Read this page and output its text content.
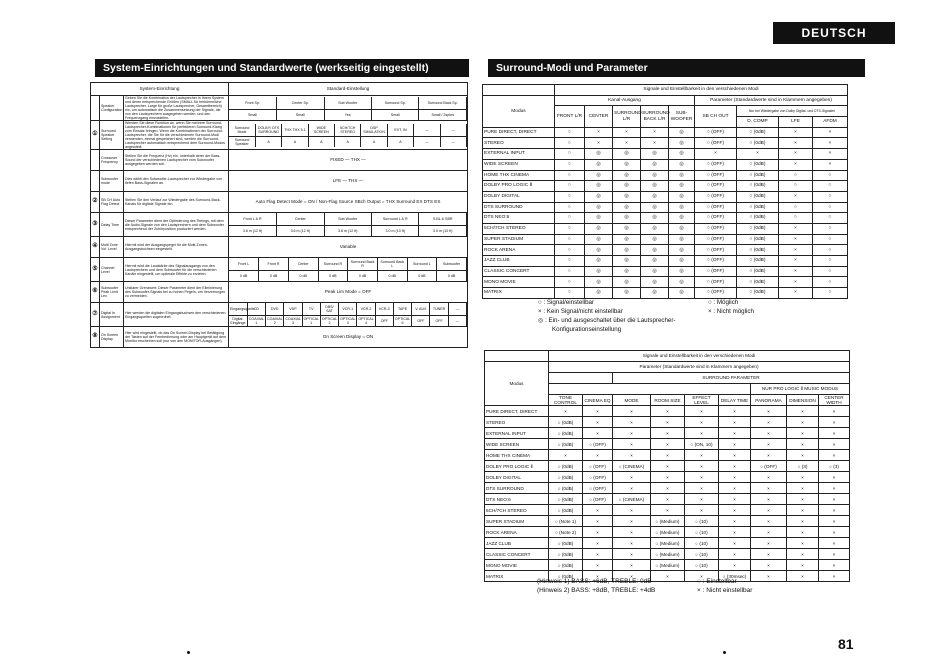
DEUTSCH
System-Einrichtungen und Standardwerte (werkseitig eingestellt)	Surround-Modi und Parameter
System-Einrichtung	Standard-Einstellung
	Speaker Configuration	Geben Sie die Kombination der Lautsprecher in Ihrem System und deren entsprechende Größen (SMALL für herkömmliche Lautsprecher, Large für große Lautsprecher, Gesamtbereich) ein, um automatisch die Zusammensetzung der Signale, die von den Lautsprechern ausgegeben werden, und den Frequenzgang einzustellen.	
Front Sp.	Center Sp.	Sub Woofer	Surround Sp.	Surround Back Sp.
Small	Small	Yes	Small	Small / 2spkrs

①	Surround Speaker Setting	Wenden Sie diese Funktion an, wenn Sie mehrere Surround-Lautsprecher-Kombinationen für perfekteren Surround-Klang zum Einsatz bringen. Wenn die Kombinationen der Surround-Lautsprecher, die Sie für die verschiedenen Surround-Modi verwenden, einmal gespeichert sind, werden die Surround-Lautsprecher automatisch entsprechend dem Surround-Modus angewählt.	
Surround Mode	DOLBY/ DTS SURROUND	THX THX 5.1	WIDE SCREEN	5CH/7CH STEREO	DSP SIMULATION	EXT. IN	—	—
Surround Speaker	A	A	A	A	A	A	—	—

	Crossover Frequency	Stellen Sie die Frequenz (Hz) ein, unterhalb derer der Bass-Sound der verschiedenen Lautsprecher vom Subwoofer ausgegeben werden soll.	FIXED — THX —
	Subwoofer mode	Dies wählt den Subwoofer-Lautsprecher zur Wiedergabe von tiefen Bass-Signalen an.	LFE — THX —
②	SB CH Auto Flag Detect	Stellen Sie den Verlauf zur Wiedergabe des Surround-Back-Kanals für digitale Signale ein.	Auto Flag Detect Mode = ON / Non-Flag Source SBch Output = THX Surround EX DTS ES
③	Delay Time	Dieser Parameter dient der Optimierung des Timings, mit dem die Audio-Signale von den Lautsprechern und dem Subwoofer entsprechend der Zuhörposition produziert werden.	
Front L & R	Center	Sub Woofer	Surround L & R	S.BL & SBR
3.6 m (12 ft)	3.6 m (12 ft)	3.6 m (12 ft)	3.0 m (10 ft)	3.0 m (10 ft)

④	Multi Zone Vol. Level	Hiermit wird der Ausgangspegel für die Multi-Zonen-Ausgangsbuchsen eingestellt.	Variable
⑤	Channel Level	Hiermit wird die Lautstärke des Signalausgangs von den Lautsprechern und dem Subwoofer für die verschiedenen Kanäle eingestellt, um optimale Effekte zu erzielen.	
Front L	Front R	Center	Surround R	Surround Back R	Surround Back L	Surround L	Subwoofer
0 dB	0 dB	0 dB	0 dB	0 dB	0 dB	0 dB	0 dB

⑥	Subwoofer Peak Limit Lev.	Unklarer Grenzwert: Dieser Parameter dient der Eliminierung des Subwoofer-Signals bei zu hohen Pegeln, um Verzerrungen zu vermeiden.	Peak Lim Mode = OFF
⑦	Digital In Assignment	Hier werden die digitalen Eingangsbuchsen den verschiedenen Eingangsquellen zugeordnet.	
Eingangsquelle	CD	DVD	VDP	TV	DBS/ SAT	VCR-1	VCR-2	VCR-3	TAPE	V. AUX	TUNER	—
Digital-Eingänge	COAXIAL 1	COAXIAL 2	COAXIAL 3	OPTICAL 1	OPTICAL 2	OPTICAL 3	OPTICAL 4	OFF	OPTICAL 5	OFF	OFF	—

⑧	On Screen Display	Hier wird eingestellt, ob das On Screen-Display bei Betätigung der Tasten auf der Fernbedienung oder am Hauptgerät auf dem Monitor erscheinen soll (nur von den MONITOR-Ausgängen).	On Screen Display = ON
	Signale und Einstellbarkeit in den verschiedenen Modi								
Modus	Kanal-Ausgang					Parameter (Standardwerte sind in Klammern angegeben)			
	FRONT L/R	CENTER	SURROUND L/R	SURROUND BACK L/R	SUB-WOOFER	SB CH OUT			
							Nur bei Wiedergabe von Dolby Digital- und DTS-Signalen		
							D. COMP	LFE	AFDM
PURE DIRECT, DIRECT	○	×	×	×	◎	○ (OFF)	○ (0dB)	×	×
STEREO	○	×	×	×	◎	○ (OFF)	○ (0dB)	×	×
EXTERNAL INPUT	○	◎	◎	◎	◎	×	×	×	×
WIDE SCREEN	○	◎	◎	◎	◎	○ (OFF)	○ (0dB)	×	×
HOME THX CINEMA	○	◎	◎	◎	◎	○ (OFF)	○ (0dB)	○	○
DOLBY PRO LOGIC Ⅱ	○	◎	◎	◎	◎	○ (OFF)	○ (0dB)	○	○
DOLBY DIGITAL	○	◎	◎	◎	◎	○ (OFF)	○ (0dB)	×	○
DTS SURROUND	○	◎	◎	◎	◎	○ (OFF)	○ (0dB)	○	○
DTS NEO:6	○	◎	◎	◎	◎	○ (OFF)	○ (0dB)	○	○
5CH/7CH STEREO	○	◎	◎	◎	◎	○ (OFF)	○ (0dB)	×	○
SUPER STADIUM	○	◎	◎	◎	◎	○ (OFF)	○ (0dB)	×	○
ROCK ARENA	○	◎	◎	◎	◎	○ (OFF)	○ (0dB)	×	○
JAZZ CLUB	○	◎	◎	◎	◎	○ (OFF)	○ (0dB)	×	○
CLASSIC CONCERT	○	◎	◎	◎	◎	○ (OFF)	○ (0dB)	×	○
MONO MOVIE	○	◎	◎	◎	◎	○ (OFF)	○ (0dB)	×	○
MATRIX	○	◎	◎	◎	◎	○ (OFF)	○ (0dB)	×	○
○ : Signal/einstellbar
× : Kein Signal/nicht einstellbar
◎ : Ein- und ausgeschaltet über die Lautsprecher-
Konfigurationseinstellung
○ : Möglich
× : Nicht möglich
	Signale und Einstellbarkeit in den verschiedenen Modi								
Modus	Parameter (Standardwerte sind in Klammern angegeben)								
			SURROUND PARAMETER						
							NUR PRO LOGIC Ⅱ MUSIC MODUS		
	TONE CONTROL	CINEMA EQ	MODE	ROOM SIZE	EFFECT LEVEL	DELAY TIME	PANORAMA	DIMENSION	CENTER WIDTH
PURE DIRECT, DIRECT	×	×	×	×	×	×	×	×	×
STEREO	○ (0dB)	×	×	×	×	×	×	×	×
EXTERNAL INPUT	○ (0dB)	×	×	×	×	×	×	×	×
WIDE SCREEN	○ (0dB)	○ (OFF)	×	×	○ (ON, 10)	×	×	×	×
HOME THX CINEMA	×	×	×	×	×	×	×	×	×
DOLBY PRO LOGIC Ⅱ	○ (0dB)	○ (OFF)	○ (CINEMA)	×	×	×	○ (OFF)	○ (3)	○ (3)
DOLBY DIGITAL	○ (0dB)	○ (OFF)	×	×	×	×	×	×	×
DTS SURROUND	○ (0dB)	○ (OFF)	×	×	×	×	×	×	×
DTS NEO:6	○ (0dB)	○ (OFF)	○ (CINEMA)	×	×	×	×	×	×
5CH/7CH STEREO	○ (0dB)	×	×	×	×	×	×	×	×
SUPER STADIUM	○ (Note 1)	×	×	○ (Medium)	○ (10)	×	×	×	×
ROCK ARENA	○ (Note 2)	×	×	○ (Medium)	○ (10)	×	×	×	×
JAZZ CLUB	○ (0dB)	×	×	○ (Medium)	○ (10)	×	×	×	×
CLASSIC CONCERT	○ (0dB)	×	×	○ (Medium)	○ (10)	×	×	×	×
MONO MOVIE	○ (0dB)	×	×	○ (Medium)	○ (10)	×	×	×	×
MATRIX	○ (0dB)	×	×	×	×	○ (30msec)	×	×	×
(Hinweis 1) BASS: +6dB, TREBLE: 0dB
(Hinweis 2) BASS: +8dB, TREBLE: +4dB
○ : Einstellbar
× : Nicht einstellbar
81
